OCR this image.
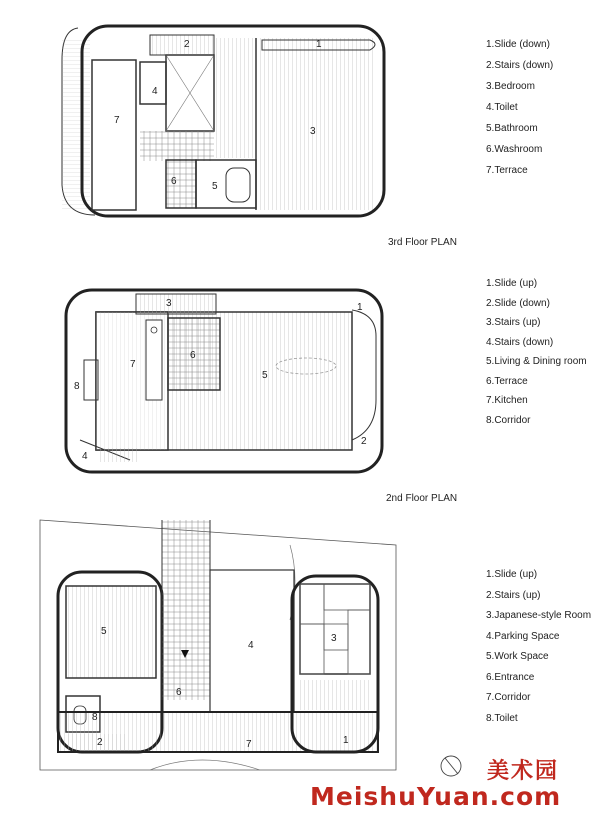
1
2
3
4
5
6
7
1
2
3
4
5
6
7
8
1
2
3
4
5
6
7
8
1.Slide (down)
2.Stairs (down)
3.Bedroom
4.Toilet
5.Bathroom
6.Washroom
7.Terrace
3rd Floor PLAN
1.Slide (up)
2.Slide (down)
3.Stairs (up)
4.Stairs (down)
5.Living & Dining room
6.Terrace
7.Kitchen
8.Corridor
2nd Floor PLAN
1.Slide (up)
2.Stairs (up)
3.Japanese-style Room
4.Parking Space
5.Work Space
6.Entrance
7.Corridor
8.Toilet
美术园
MeishuYuan.com
